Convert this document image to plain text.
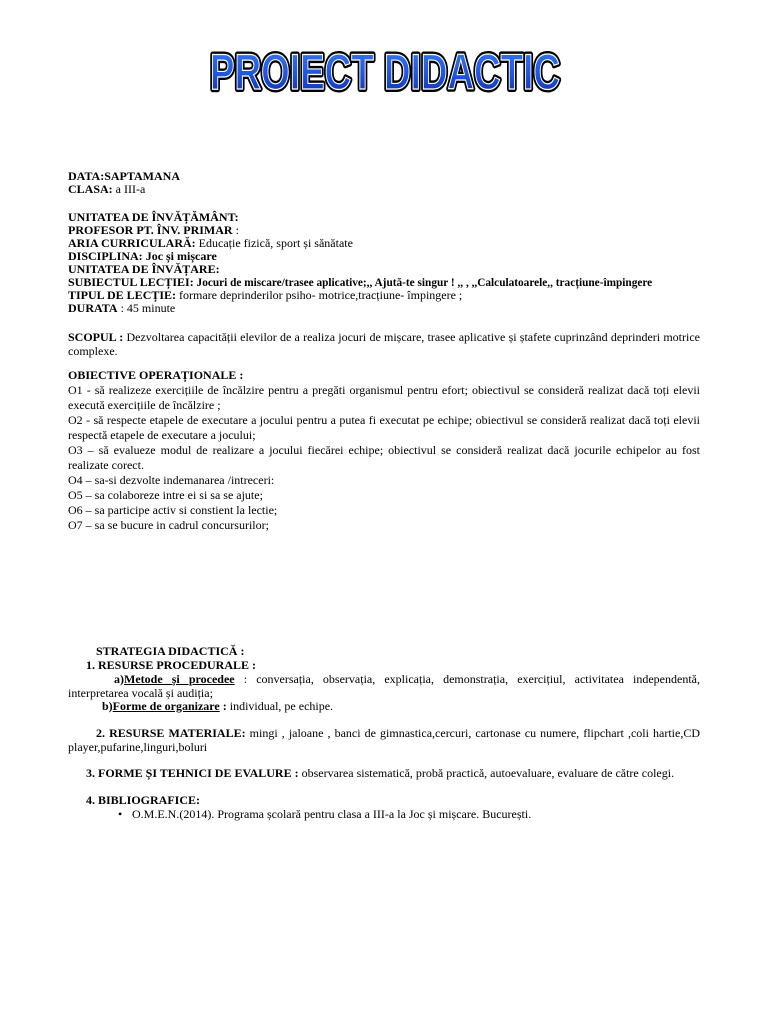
PROIECT DIDACTIC
PROIECT DIDACTIC
DATA:SAPTAMANA
CLASA: a III-a
UNITATEA DE ÎNVĂȚĂMÂNT:
PROFESOR PT. ÎNV. PRIMAR :
ARIA CURRICULARĂ: Educație fizică, sport și sănătate
DISCIPLINA: Joc și mișcare
UNITATEA DE ÎNVĂȚARE:
SUBIECTUL LECȚIEI: Jocuri de miscare/trasee aplicative;,, Ajută-te singur ! ,, , ,,Calculatoarele,, tracțiune-împingere
TIPUL DE LECȚIE: formare deprinderilor psiho- motrice,tracțiune- împingere ;
DURATA : 45 minute
SCOPUL : Dezvoltarea capacității elevilor de a realiza jocuri de mișcare, trasee aplicative și ștafete cuprinzând deprinderi motrice complexe.
OBIECTIVE OPERAȚIONALE :
O1 - să realizeze exercițiile de încălzire pentru a pregăti organismul pentru efort; obiectivul se consideră realizat dacă toți elevii execută exercițiile de încălzire ;
O2 - să respecte etapele de executare a jocului pentru a putea fi executat pe echipe; obiectivul se consideră realizat dacă toți elevii respectă etapele de executare a jocului;
O3 – să evalueze modul de realizare a jocului fiecărei echipe; obiectivul se consideră realizat dacă jocurile echipelor au fost realizate corect.
O4 – sa-si dezvolte indemanarea /intreceri:
O5 – sa colaboreze intre ei si sa se ajute;
O6 – sa participe activ si constient la lectie;
O7 – sa se bucure in cadrul concursurilor;
STRATEGIA DIDACTICĂ :
1. RESURSE PROCEDURALE :
a)Metode și procedee : conversația, observația, explicația, demonstrația, exercițiul, activitatea independentă, interpretarea vocală și audiția;
b)Forme de organizare : individual, pe echipe.
2. RESURSE MATERIALE: mingi , jaloane , banci de gimnastica,cercuri, cartonase cu numere, flipchart ,coli hartie,CD player,pufarine,linguri,boluri
3. FORME ȘI TEHNICI DE EVALURE : observarea sistematică, probă practică, autoevaluare, evaluare de către colegi.
4. BIBLIOGRAFICE:
• O.M.E.N.(2014). Programa școlară pentru clasa a III-a la Joc și mișcare. București.
